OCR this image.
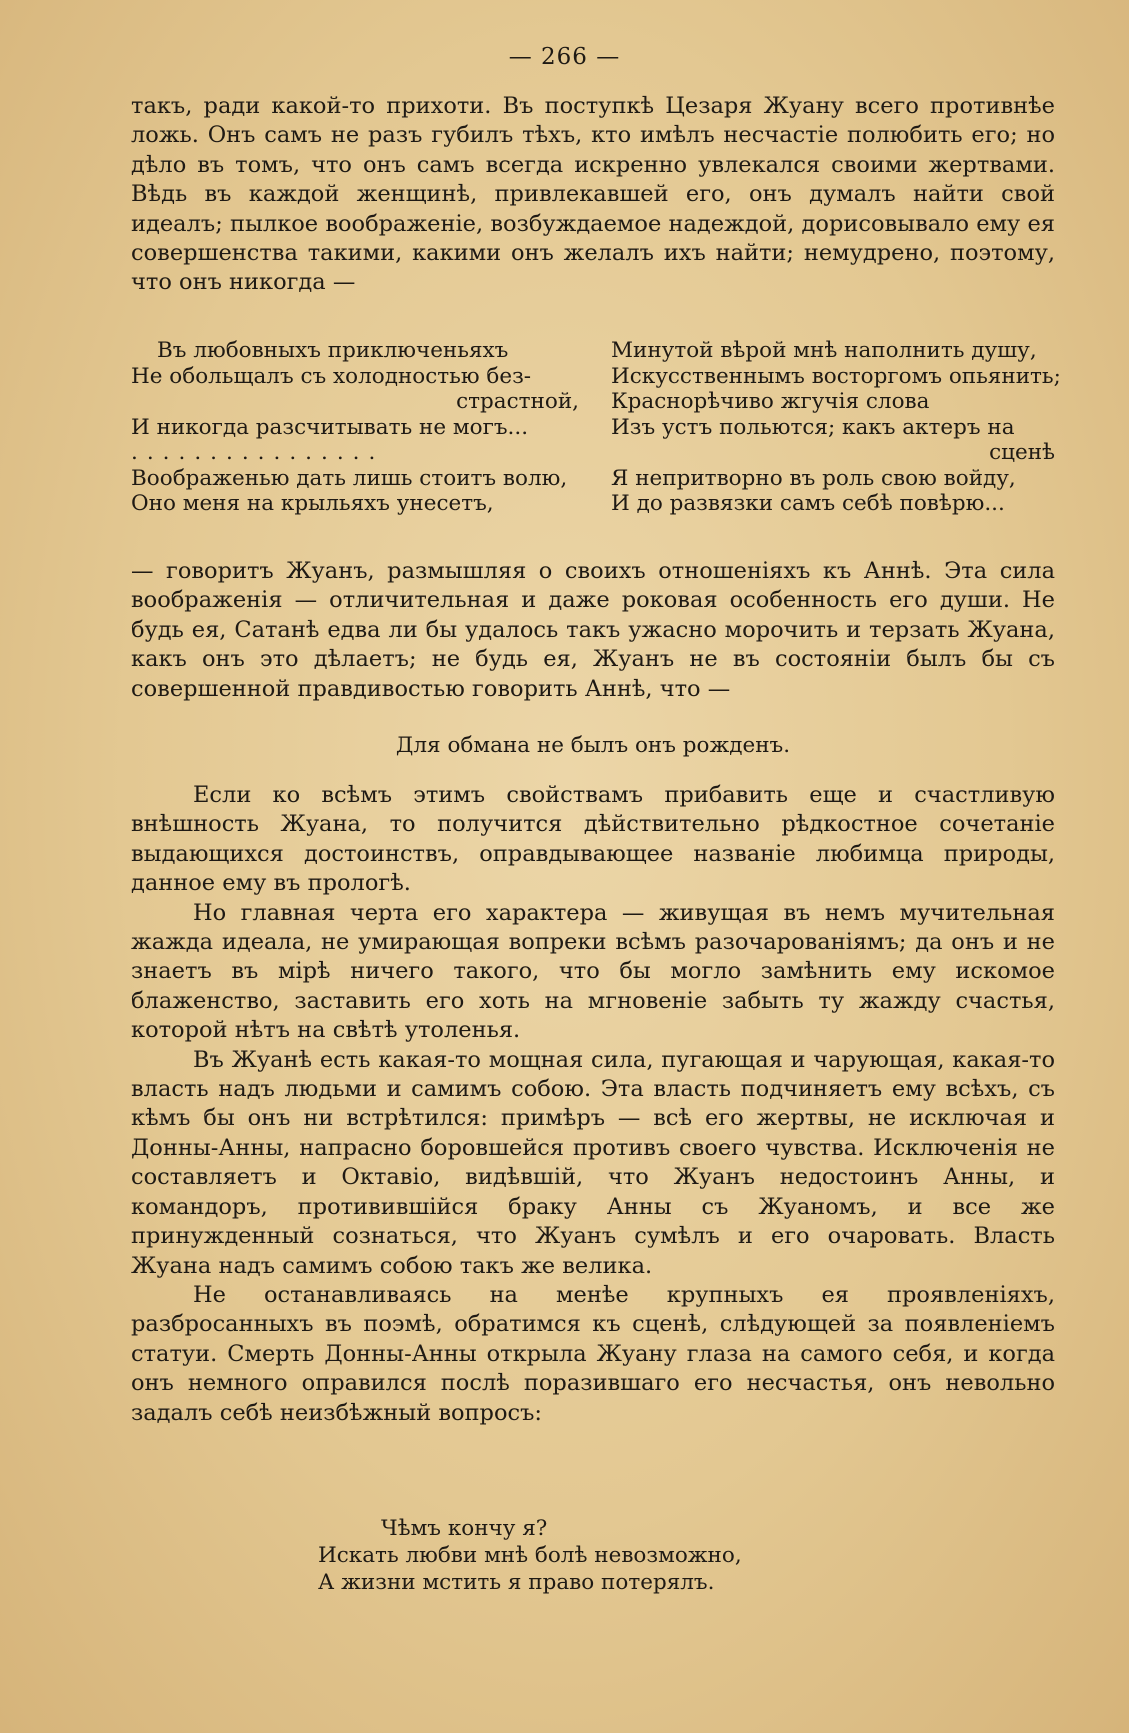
— 266 —

такъ, ради какой-то прихоти. Въ поступкѣ Цезаря Жуану всего противнѣе ложь. Онъ самъ не разъ губилъ тѣхъ, кто имѣлъ несчастіе полюбить его; но дѣло въ томъ, что онъ самъ всегда искренно увлекался своими жертвами. Вѣдь въ каждой женщинѣ, привлекавшей его, онъ думалъ найти свой идеалъ; пылкое воображеніе, возбуждаемое надеждой, дорисовывало ему ея совершенства такими, какими онъ желалъ ихъ найти; немудрено, поэтому, что онъ никогда —

Въ любовныхъ приключеньяхъ
Не обольщалъ съ холодностью без-
страстной,
И никогда разсчитывать не могъ...
................
Воображенью дать лишь стоитъ волю,
Оно меня на крыльяхъ унесетъ,
Минутой вѣрой мнѣ наполнить душу,
Искусственнымъ восторгомъ опьянить;
Краснорѣчиво жгучія слова
Изъ устъ польются; какъ актеръ на
сценѣ
Я непритворно въ роль свою войду,
И до развязки самъ себѣ повѣрю...

— говоритъ Жуанъ, размышляя о своихъ отношеніяхъ къ Аннѣ. Эта сила воображенія — отличительная и даже роковая особенность его души. Не будь ея, Сатанѣ едва ли бы удалось такъ ужасно морочить и терзать Жуана, какъ онъ это дѣлаетъ; не будь ея, Жуанъ не въ состояніи былъ бы съ совершенной правдивостью говорить Аннѣ, что —

Для обмана не былъ онъ рожденъ.

Если ко всѣмъ этимъ свойствамъ прибавить еще и счастливую внѣшность Жуана, то получится дѣйствительно рѣдкостное сочетаніе выдающихся достоинствъ, оправдывающее названіе любимца природы, данное ему въ прологѣ.

Но главная черта его характера — живущая въ немъ мучительная жажда идеала, не умирающая вопреки всѣмъ разочарованіямъ; да онъ и не знаетъ въ мірѣ ничего такого, что бы могло замѣнить ему искомое блаженство, заставить его хоть на мгновеніе забыть ту жажду счастья, которой нѣтъ на свѣтѣ утоленья.

Въ Жуанѣ есть какая-то мощная сила, пугающая и чарующая, какая-то власть надъ людьми и самимъ собою. Эта власть подчиняетъ ему всѣхъ, съ кѣмъ бы онъ ни встрѣтился: примѣръ — всѣ его жертвы, не исключая и Донны-Анны, напрасно боровшейся противъ своего чувства. Исключенія не составляетъ и Октавіо, видѣвшій, что Жуанъ недостоинъ Анны, и командоръ, противившійся браку Анны съ Жуаномъ, и все же принужденный сознаться, что Жуанъ сумѣлъ и его очаровать. Власть Жуана надъ самимъ собою такъ же велика.

Не останавливаясь на менѣе крупныхъ ея проявленіяхъ, разбросанныхъ въ поэмѣ, обратимся къ сценѣ, слѣдующей за появленіемъ статуи. Смерть Донны-Анны открыла Жуану глаза на самого себя, и когда онъ немного оправился послѣ поразившаго его несчастья, онъ невольно задалъ себѣ неизбѣжный вопросъ:

Чѣмъ кончу я?
Искать любви мнѣ болѣ невозможно,
А жизни мстить я право потерялъ.
